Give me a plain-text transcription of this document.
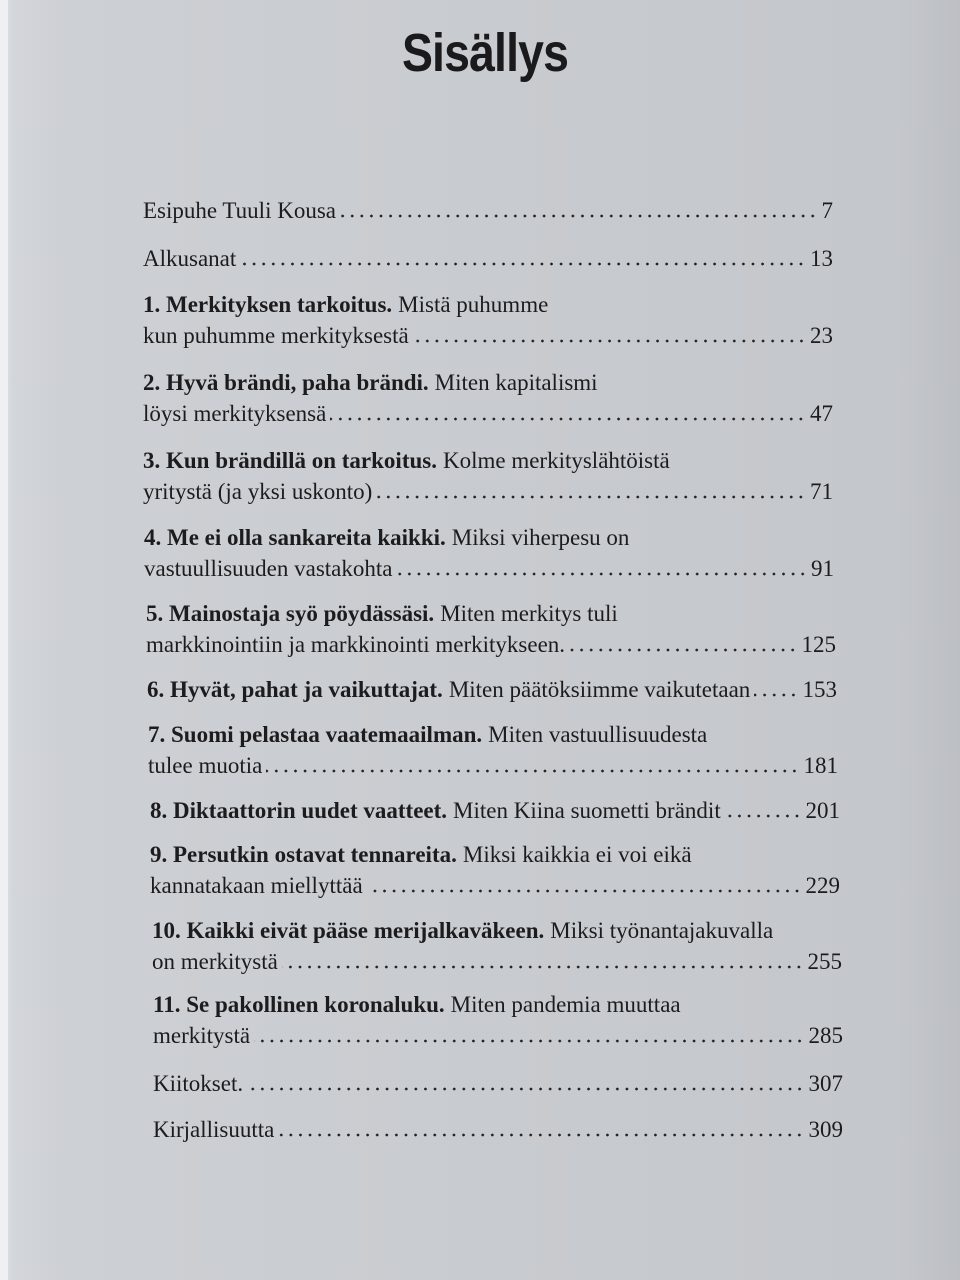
Sisällys
Esipuhe Tuuli Kousa	7
Alkusanat	13
1. Merkityksen tarkoitus. Mistä puhumme
kun puhumme merkityksestä	23
2. Hyvä brändi, paha brändi. Miten kapitalismi
löysi merkityksensä	47
3. Kun brändillä on tarkoitus. Kolme merkityslähtöistä
yritystä (ja yksi uskonto)	71
4. Me ei olla sankareita kaikki. Miksi viherpesu on
vastuullisuuden vastakohta	91
5. Mainostaja syö pöydässäsi. Miten merkitys tuli
markkinointiin ja markkinointi merkitykseen.	125
6. Hyvät, pahat ja vaikuttajat. Miten päätöksiimme vaikutetaan 153
7. Suomi pelastaa vaatemaailman. Miten vastuullisuudesta
tulee muotia	181
8. Diktaattorin uudet vaatteet. Miten Kiina suometti brändit	201
9. Persutkin ostavat tennareita. Miksi kaikkia ei voi eikä
kannatakaan miellyttää	229
10. Kaikki eivät pääse merijalkaväkeen. Miksi työnantajakuvalla
on merkitystä	255
11. Se pakollinen koronaluku. Miten pandemia muuttaa
merkitystä	285
Kiitokset.	307
Kirjallisuutta	309
